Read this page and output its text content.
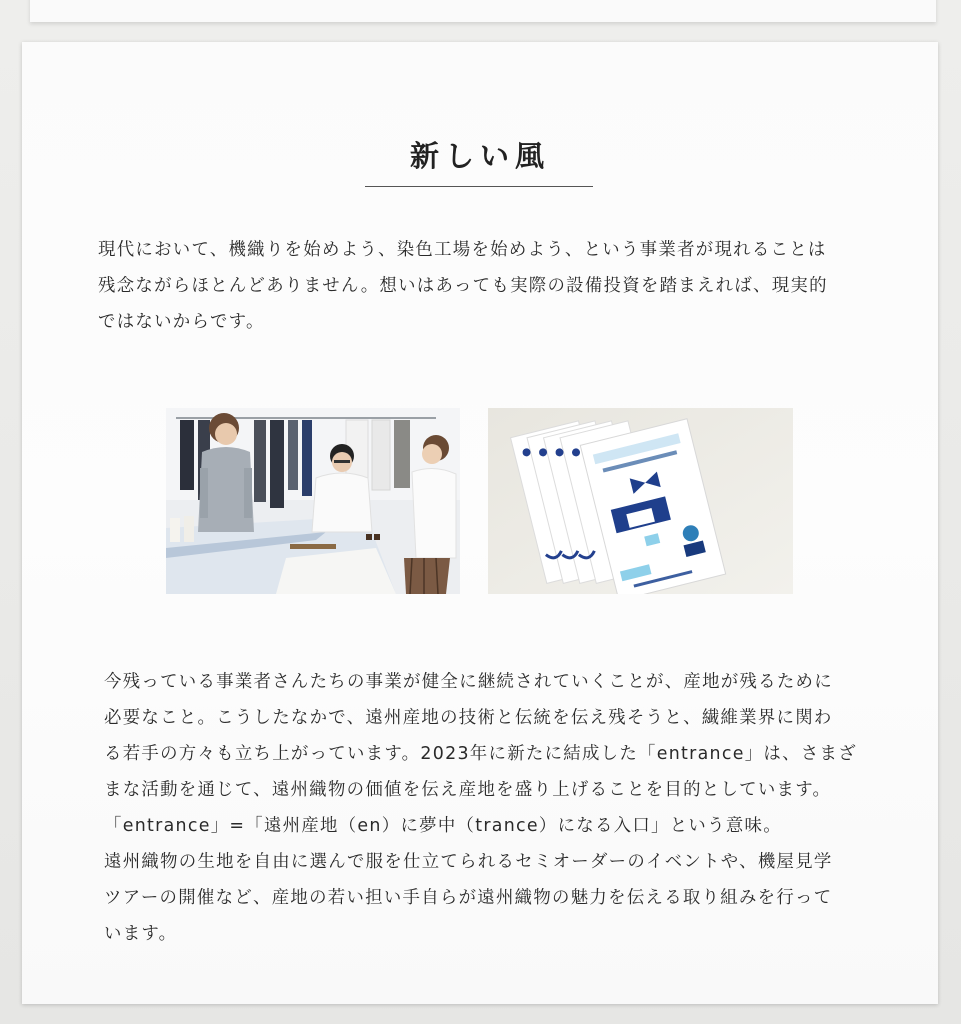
新しい風
現代において、機織りを始めよう、染色工場を始めよう、という事業者が現れることは
残念ながらほとんどありません。想いはあっても実際の設備投資を踏まえれば、現実的
ではないからです。
今残っている事業者さんたちの事業が健全に継続されていくことが、産地が残るために
必要なこと。こうしたなかで、遠州産地の技術と伝統を伝え残そうと、繊維業界に関わ
る若手の方々も立ち上がっています。2023年に新たに結成した「entrance」は、さまざ
まな活動を通じて、遠州織物の価値を伝え産地を盛り上げることを目的としています。
「entrance」=「遠州産地（en）に夢中（trance）になる入口」という意味。
遠州織物の生地を自由に選んで服を仕立てられるセミオーダーのイベントや、機屋見学
ツアーの開催など、産地の若い担い手自らが遠州織物の魅力を伝える取り組みを行って
います。
